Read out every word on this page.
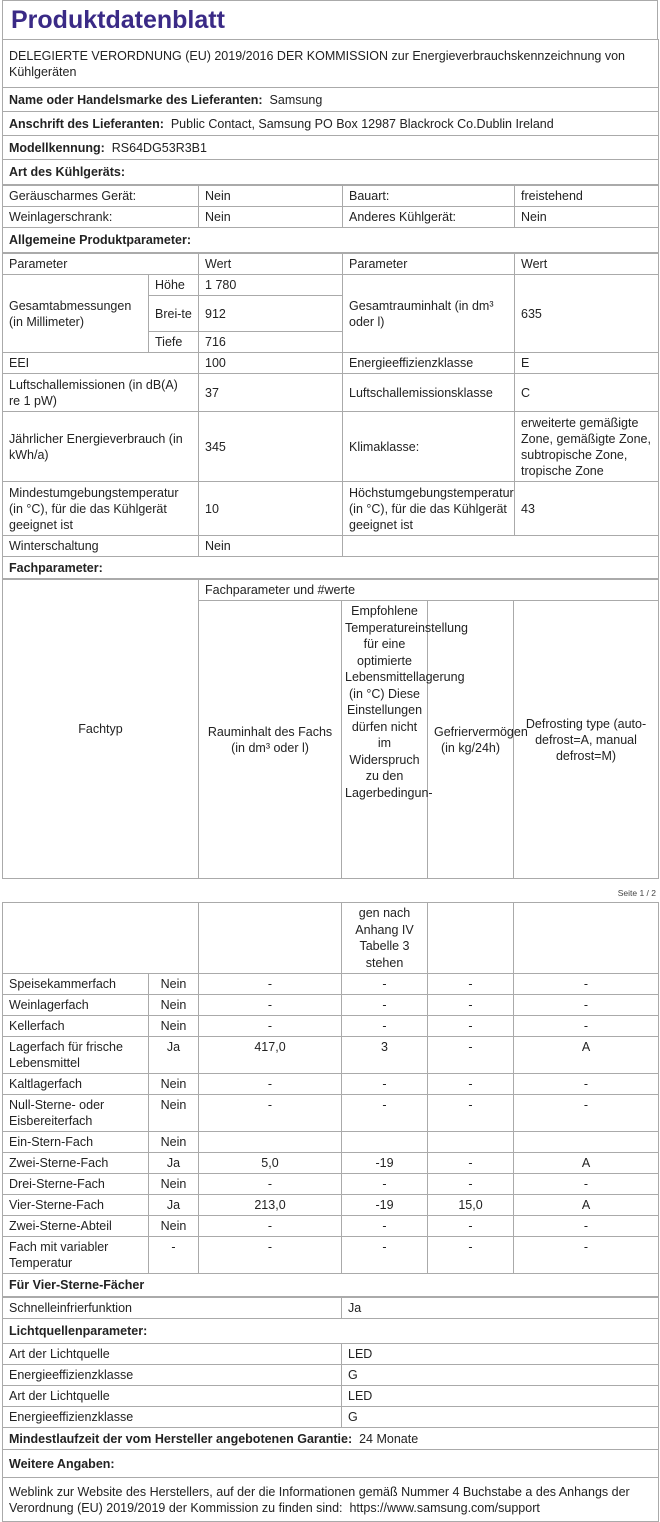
Produktdatenblatt
DELEGIERTE VERORDNUNG (EU) 2019/2016 DER KOMMISSION zur Energieverbrauchskennzeichnung von Kühlgeräten
Name oder Handelsmarke des Lieferanten: Samsung
Anschrift des Lieferanten: Public Contact, Samsung PO Box 12987 Blackrock Co.Dublin Ireland
Modellkennung: RS64DG53R3B1
Art des Kühlgeräts:
Geräuscharmes Gerät:	Nein	Bauart:	freistehend
Weinlagerschrank:	Nein	Anderes Kühlgerät:	Nein
Allgemeine Produktparameter:			
Parameter		Wert	Parameter	Wert
Gesamtabmessungen (in Millimeter)	Höhe	1 780	Gesamtrauminhalt (in dm³ oder l)	635
	Brei-te	912		
	Tiefe	716		
EEI		100	Energieeffizienzklasse	E
Luftschallemissionen (in dB(A) re 1 pW)		37	Luftschallemissionsklasse	C
Jährlicher Energieverbrauch (in kWh/a)		345	Klimaklasse:	erweiterte gemäßigte Zone, gemäßigte Zone, subtropische Zone, tropische Zone
Mindestumgebungstemperatur (in °C), für die das Kühlgerät geeignet ist		10	Höchstumgebungstemperatur (in °C), für die das Kühlgerät geeignet ist	43
Winterschaltung		Nein		
Fachparameter:				
Fachtyp	Fachparameter und #werte			
	Rauminhalt des Fachs (in dm³ oder l)	Empfohlene Temperatureinstellung für eine optimierte Lebensmittellagerung (in °C) Diese Einstellungen dürfen nicht im Widerspruch zu den Lagerbedingun-	Gefriervermögen (in kg/24h)	Defrosting type (auto-defrost=A, manual defrost=M)
Seite 1 / 2
			gen nach Anhang IV Tabelle 3 stehen		
Speisekammerfach	Nein	-	-	-	-
Weinlagerfach	Nein	-	-	-	-
Kellerfach	Nein	-	-	-	-
Lagerfach für frische Lebensmittel	Ja	417,0	3	-	A
Kaltlagerfach	Nein	-	-	-	-
Null-Sterne- oder Eisbereiterfach	Nein	-	-	-	-
Ein-Stern-Fach	Nein				
Zwei-Sterne-Fach	Ja	5,0	-19	-	A
Drei-Sterne-Fach	Nein	-	-	-	-
Vier-Sterne-Fach	Ja	213,0	-19	15,0	A
Zwei-Sterne-Abteil	Nein	-	-	-	-
Fach mit variabler Temperatur	-	-	-	-	-
Für Vier-Sterne-Fächer					
Schnelleinfrierfunktion	Ja
Lichtquellenparameter:	
Art der Lichtquelle	LED
Energieeffizienzklasse	G
Art der Lichtquelle	LED
Energieeffizienzklasse	G
Mindestlaufzeit der vom Hersteller angebotenen Garantie: 24 Monate	
Weitere Angaben:	
Weblink zur Website des Herstellers, auf der die Informationen gemäß Nummer 4 Buchstabe a des Anhangs der Verordnung (EU) 2019/2019 der Kommission zu finden sind: https://www.samsung.com/support	
